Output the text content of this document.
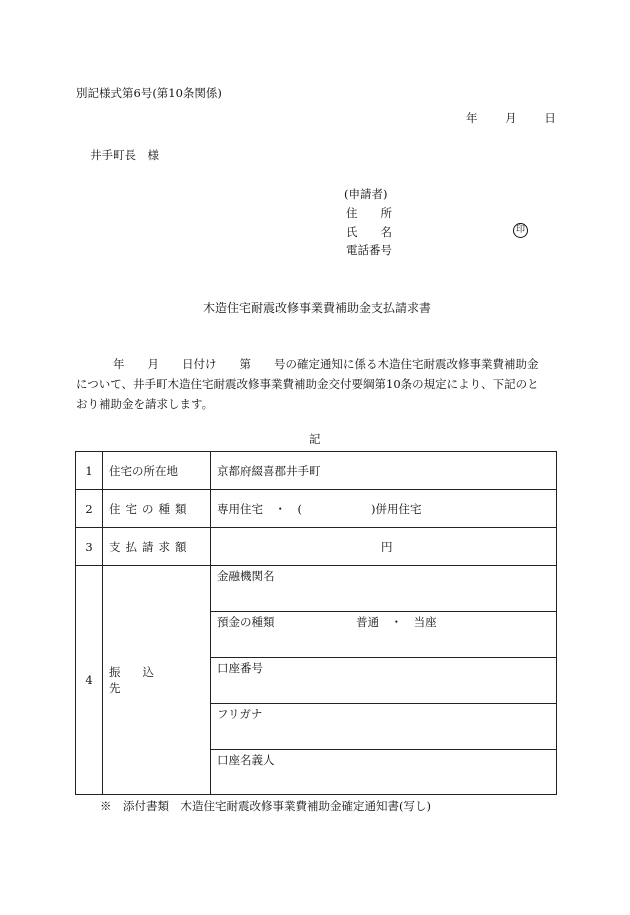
別記様式第6号(第10条関係)
年 月 日
井手町長　様
(申請者)
住　　所
氏　　名	印
電話番号
木造住宅耐震改修事業費補助金支払請求書
年　　月　　日付け　　第　　号の確定通知に係る木造住宅耐震改修事業費補助金
について、井手町木造住宅耐震改修事業費補助金交付要綱第10条の規定により、下記のと
おり補助金を請求します。
記
1	住宅の所在地	京都府綴喜郡井手町
2	住宅の種類	専用住宅　・　(　　　　　　)併用住宅
3	支払請求額	円
4	振込先	金融機関名
		預金の種類 普通　・　当座
		口座番号
		フリガナ
		口座名義人
※　添付書類　木造住宅耐震改修事業費補助金確定通知書(写し)
